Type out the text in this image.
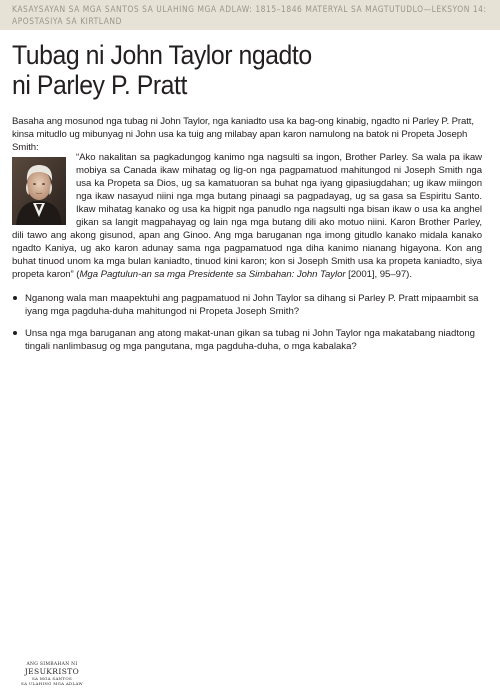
KASAYSAYAN SA MGA SANTOS SA ULAHING MGA ADLAW: 1815–1846 MATERYAL SA MAGTUTUDLO—LEKSYON 14: APOSTASIYA SA KIRTLAND
Tubag ni John Taylor ngadto
ni Parley P. Pratt

Basaha ang mosunod nga tubag ni John Taylor, nga kaniadto usa ka bag-ong kinabig, ngadto ni Parley P. Pratt, kinsa mitudlo ug mibunyag ni John usa ka tuig ang milabay apan karon namulong na batok ni Propeta Joseph Smith:

“Ako nakalitan sa pagkadungog kanimo nga nagsulti sa ingon, Brother Parley. Sa wala pa ikaw mobiya sa Canada ikaw mihatag og lig-on nga pagpamatuod mahitungod ni Joseph Smith nga usa ka Propeta sa Dios, ug sa kamatuoran sa buhat nga iyang gipasiugdahan; ug ikaw miingon nga ikaw nasayud niini nga mga butang pinaagi sa pagpadayag, ug sa gasa sa Espiritu Santo. Ikaw mihatag kanako og usa ka higpit nga panudlo nga nagsulti nga bisan ikaw o usa ka anghel gikan sa langit magpahayag og lain nga mga butang dili ako motuo niini. Karon Brother Parley, dili tawo ang akong gisunod, apan ang Ginoo. Ang mga baruganan nga imong gitudlo kanako midala kanako ngadto Kaniya, ug ako karon adunay sama nga pagpamatuod nga diha kanimo nianang higayona. Kon ang buhat tinuod unom ka mga bulan kaniadto, tinuod kini karon; kon si Joseph Smith usa ka propeta kaniadto, siya propeta karon” (Mga Pagtulun-an sa mga Presidente sa Simbahan: John Taylor [2001], 95–97).

Nganong wala man maapektuhi ang pagpamatuod ni John Taylor sa dihang si Parley P. Pratt mipaambit sa iyang mga pagduha-duha mahitungod ni Propeta Joseph Smith?
Unsa nga mga baruganan ang atong makat-unan gikan sa tubag ni John Taylor nga makatabang niadtong tingali nanlimbasug og mga pangutana, mga pagduha-duha, o mga kabalaka?
ANG SIMBAHAN NI
JESUKRISTO
SA MGA SANTOS
SA ULAHING MGA ADLAW
